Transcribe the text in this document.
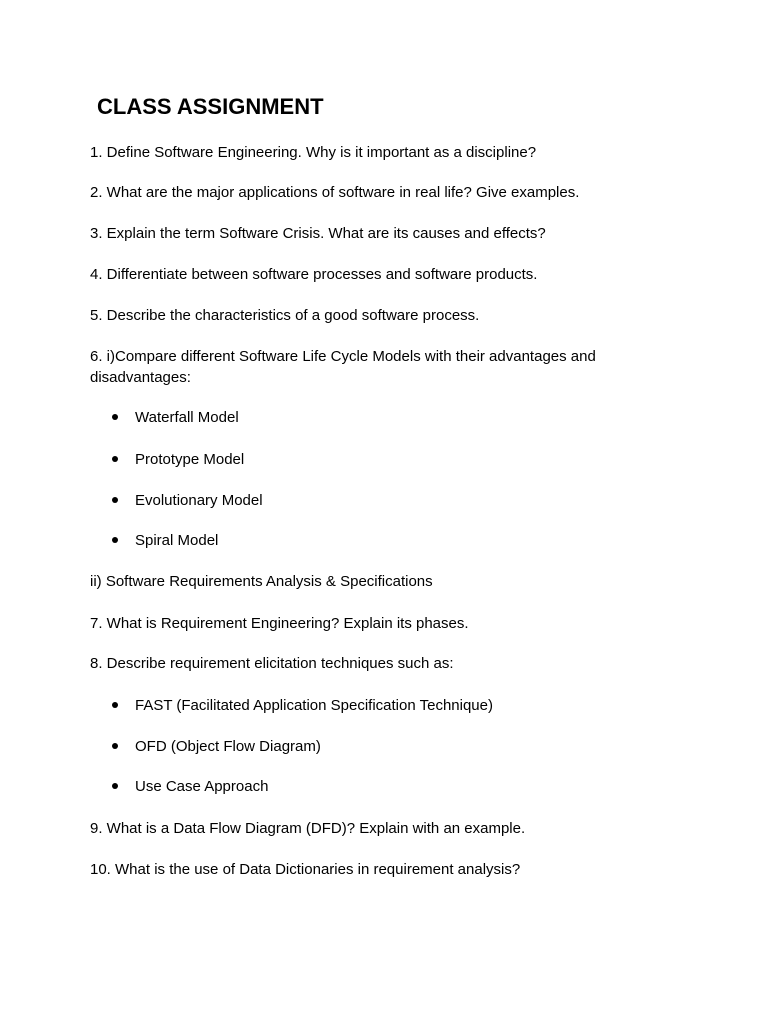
CLASS ASSIGNMENT

1. Define Software Engineering. Why is it important as a discipline?

2. What are the major applications of software in real life? Give examples.

3. Explain the term Software Crisis. What are its causes and effects?

4. Differentiate between software processes and software products.

5. Describe the characteristics of a good software process.

6. i)Compare different Software Life Cycle Models with their advantages and disadvantages:

Waterfall Model
Prototype Model
Evolutionary Model
Spiral Model

ii) Software Requirements Analysis & Specifications

7. What is Requirement Engineering? Explain its phases.

8. Describe requirement elicitation techniques such as:

FAST (Facilitated Application Specification Technique)
OFD (Object Flow Diagram)
Use Case Approach

9. What is a Data Flow Diagram (DFD)? Explain with an example.

10. What is the use of Data Dictionaries in requirement analysis?
